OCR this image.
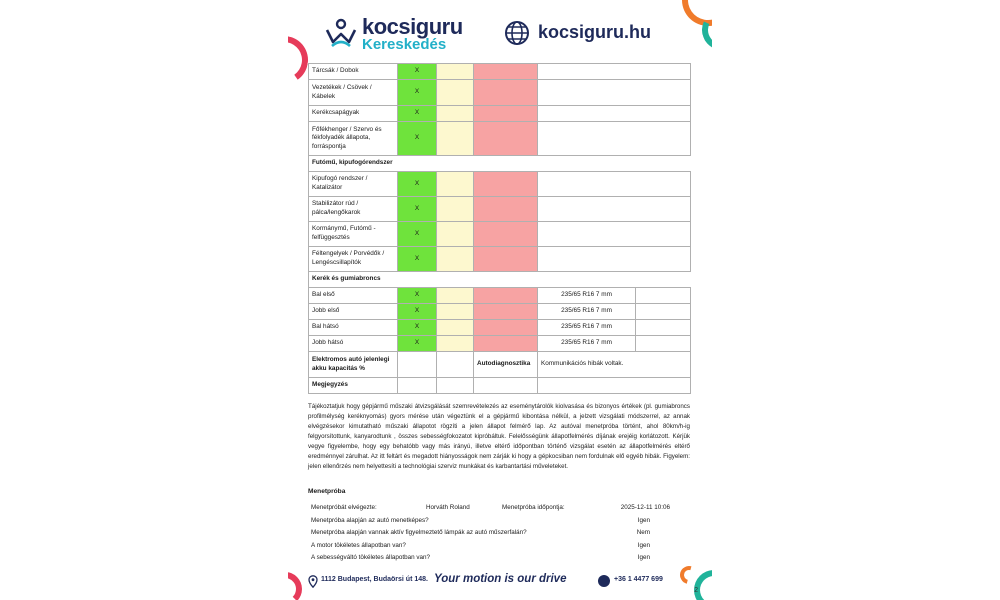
kocsiguru
Kereskedés
kocsiguru.hu
Tárcsák / Dobok	X				
Vezetékek / Csövek / Kábelek	X				
Kerékcsapágyak	X				
Főfékhenger / Szervo és fékfolyadék állapota, forráspontja	X				
Futómű, kipufogórendszer					
Kipufogó rendszer / Katalizátor	X				
Stabilizátor rúd / pálca/lengőkarok	X				
Kormánymű, Futómű - felfüggesztés	X				
Féltengelyek / Porvédők / Lengéscsillapítók	X				
Kerék és gumiabroncs					
Bal első	X			235/65 R16 7 mm	
Jobb első	X			235/65 R16 7 mm	
Bal hátsó	X			235/65 R16 7 mm	
Jobb hátsó	X			235/65 R16 7 mm	
Elektromos autó jelenlegi akku kapacitás %			Autodiagnosztika	Kommunikációs hibák voltak.	
Megjegyzés					

Tájékoztatjuk hogy gépjármű műszaki átvizsgálását szemrevételezés az eseménytárolók kiolvasása és bizonyos értékek (pl. gumiabroncs profilmélység keréknyomás) gyors mérése után végeztünk el a gépjármű kibontása nélkül, a jelzett vizsgálati módszerrel, az annak elvégzésekor kimutatható műszaki állapotot rögzíti a jelen állapot felmérő lap. Az autóval menetpróba történt, ahol 80km/h-ig felgyorsítottunk, kanyarodtunk , összes sebességfokozatot kipróbáltuk. Felelősségünk állapotfelmérés díjának erejéig korlátozott. Kérjük vegye figyelembe, hogy egy behatóbb vagy más irányú, illetve eltérő időpontban történő vizsgálat esetén az állapotfelmérés eltérő eredménnyel zárulhat. Az itt feltárt és megadott hiányosságok nem zárják ki hogy a gépkocsiban nem fordulnak elő egyéb hibák. Figyelem: jelen ellenőrzés nem helyettesíti a technológiai szerviz munkákat és karbantartási műveleteket.

Menetpróba
Menetpróbát elvégezte:	Horváth Roland	Menetpróba időpontja:	2025-12-11 10:06
Menetpróba alapján az autó menetképes?	Igen
Menetpróba alapján vannak aktív figyelmeztető lámpák az autó műszerfalán?	Nem
A motor tökéletes állapotban van?	Igen
A sebességváltó tökéletes állapotban van?	Igen
1112 Budapest, Budaörsi út 148. Your motion is our drive	+36 1 4477 699
2
